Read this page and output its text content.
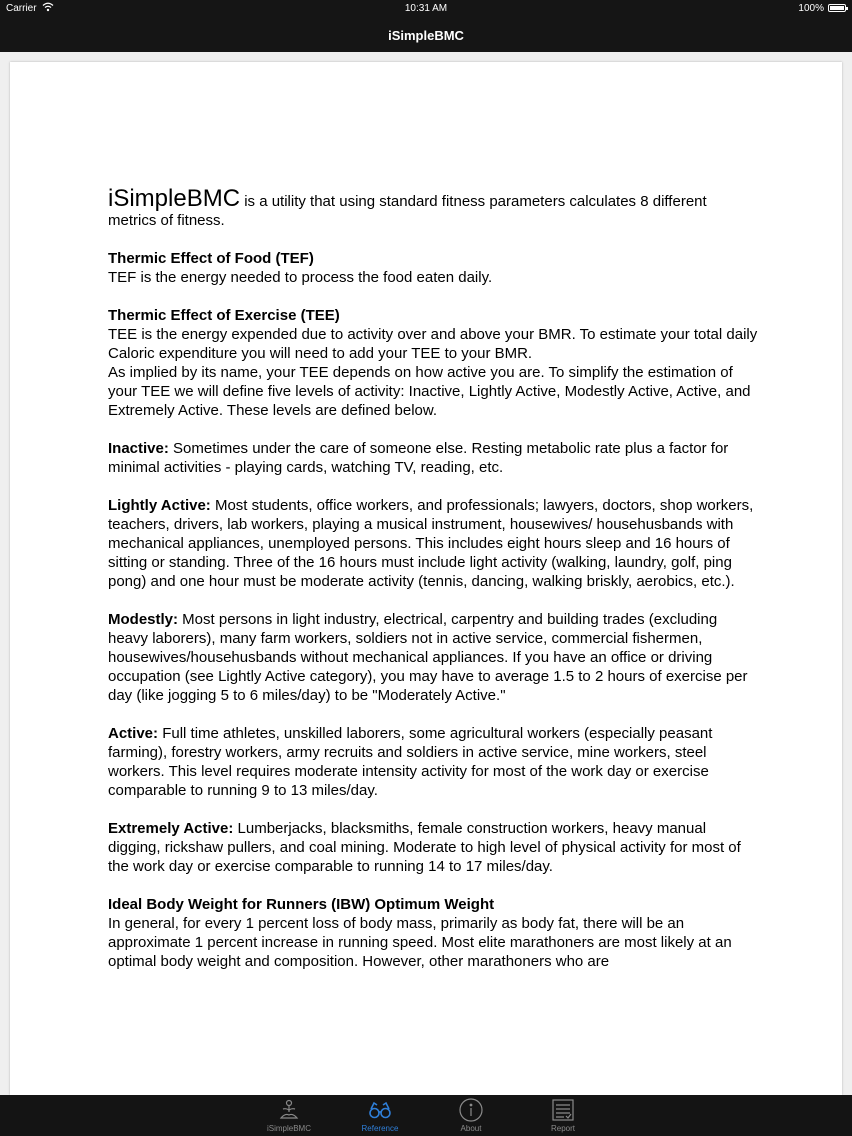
Carrier	10:31 AM	100%
iSimpleBMC

iSimpleBMC is a utility that using standard fitness parameters calculates 8 different metrics of fitness.

Thermic Effect of Food (TEF)
TEF is the energy needed to process the food eaten daily.

Thermic Effect of Exercise (TEE)
TEE is the energy expended due to activity over and above your BMR. To estimate your total daily Caloric expenditure you will need to add your TEE to your BMR.
As implied by its name, your TEE depends on how active you are. To simplify the estimation of your TEE we will define five levels of activity: Inactive, Lightly Active, Modestly Active, Active, and Extremely Active. These levels are defined below.

Inactive: Sometimes under the care of someone else. Resting metabolic rate plus a factor for minimal activities - playing cards, watching TV, reading, etc.

Lightly Active: Most students, office workers, and professionals; lawyers, doctors, shop workers, teachers, drivers, lab workers, playing a musical instrument, housewives/ househusbands with mechanical appliances, unemployed persons. This includes eight hours sleep and 16 hours of sitting or standing. Three of the 16 hours must include light activity (walking, laundry, golf, ping pong) and one hour must be moderate activity (tennis, dancing, walking briskly, aerobics, etc.).

Modestly: Most persons in light industry, electrical, carpentry and building trades (excluding heavy laborers), many farm workers, soldiers not in active service, commercial fishermen, housewives/househusbands without mechanical appliances. If you have an office or driving occupation (see Lightly Active category), you may have to average 1.5 to 2 hours of exercise per day (like jogging 5 to 6 miles/day) to be "Moderately Active."

Active: Full time athletes, unskilled laborers, some agricultural workers (especially peasant farming), forestry workers, army recruits and soldiers in active service, mine workers, steel workers. This level requires moderate intensity activity for most of the work day or exercise comparable to running 9 to 13 miles/day.

Extremely Active: Lumberjacks, blacksmiths, female construction workers, heavy manual digging, rickshaw pullers, and coal mining. Moderate to high level of physical activity for most of the work day or exercise comparable to running 14 to 17 miles/day.

Ideal Body Weight for Runners (IBW) Optimum Weight
In general, for every 1 percent loss of body mass, primarily as body fat, there will be an approximate 1 percent increase in running speed. Most elite marathoners are most likely at an optimal body weight and composition. However, other marathoners who are

iSimpleBMC	Reference	About	Report
